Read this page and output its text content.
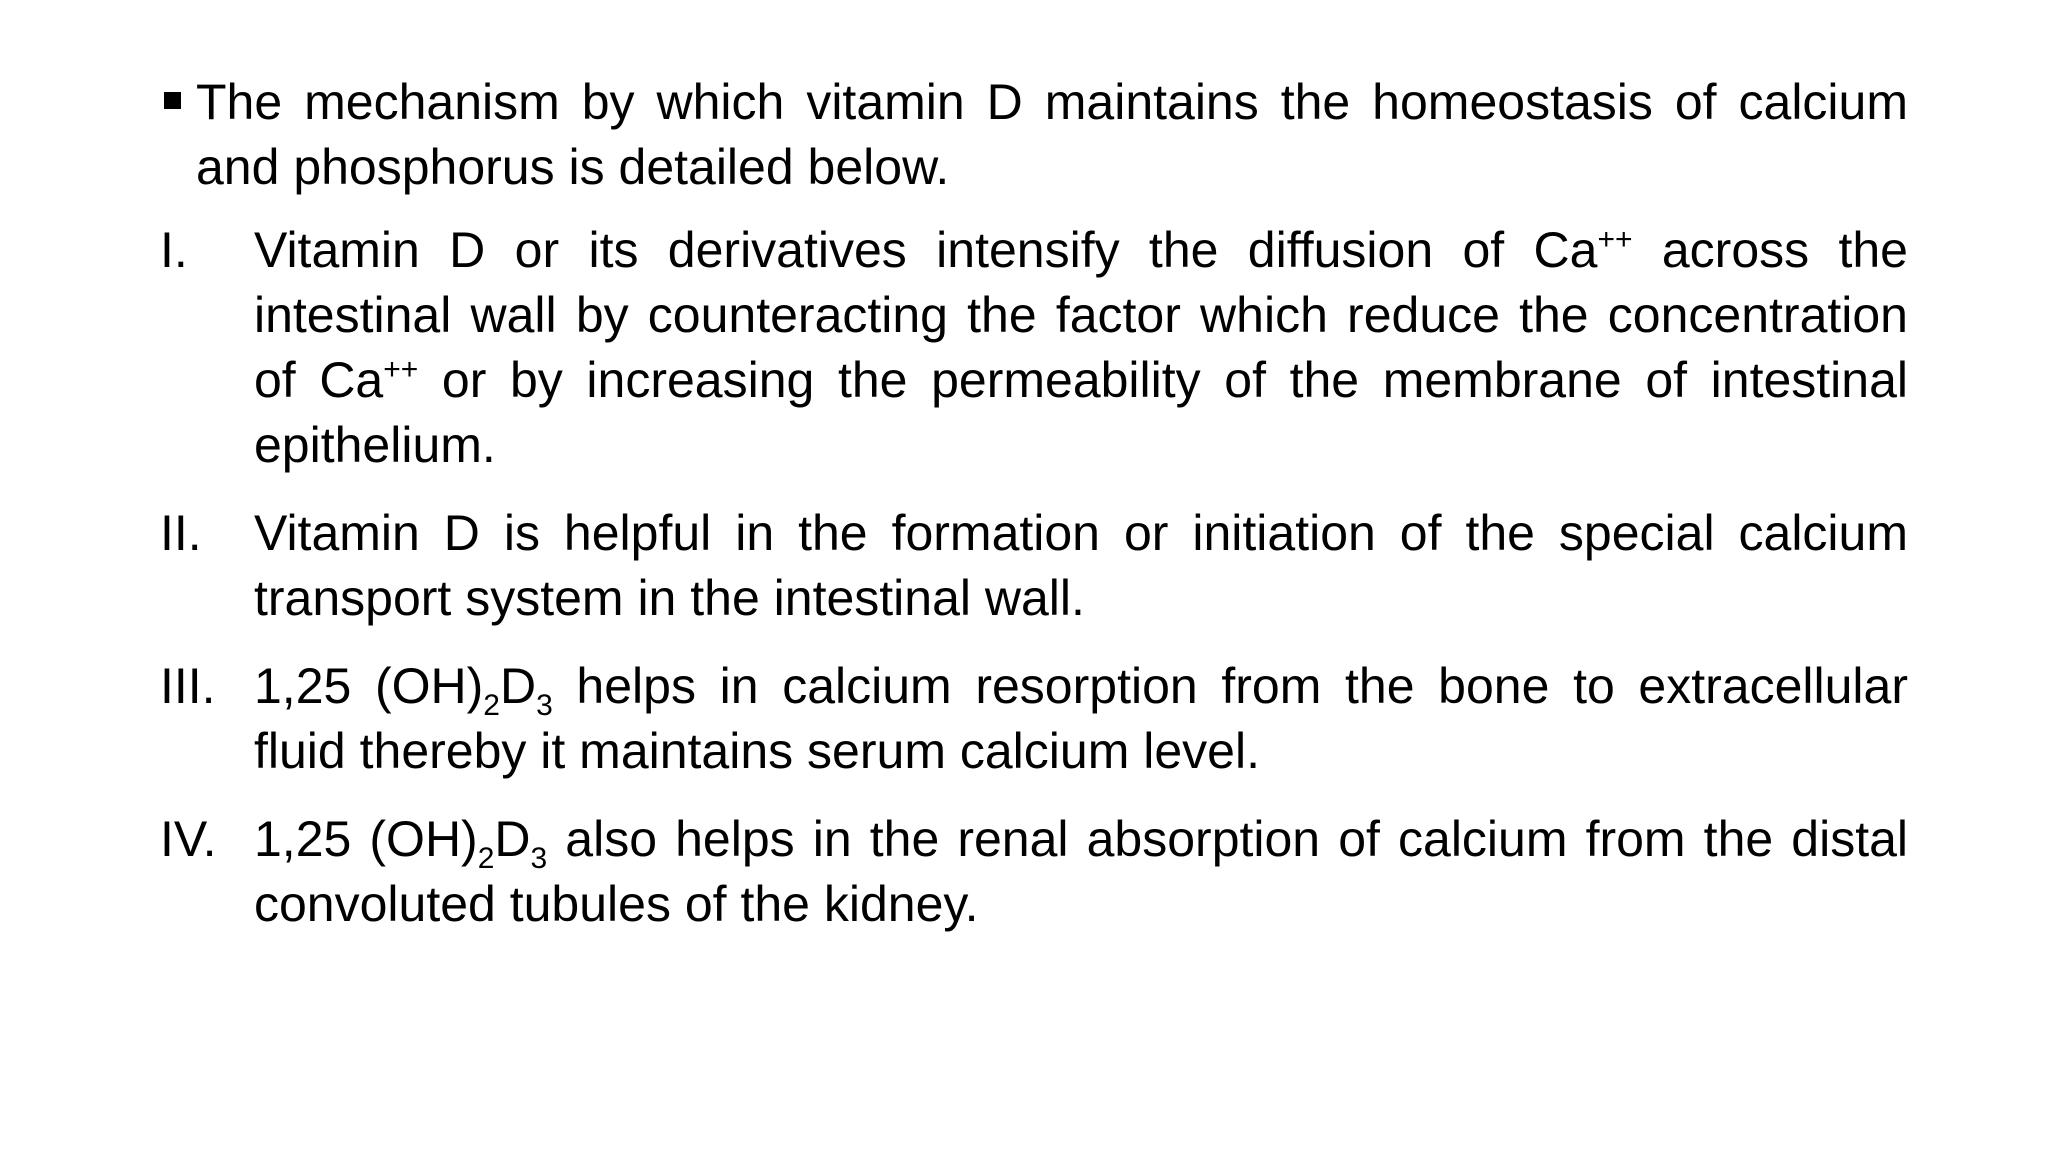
The mechanism by which vitamin D maintains the homeostasis of calcium and phosphorus is detailed below.

I. Vitamin D or its derivatives intensify the diffusion of Ca++ across the intestinal wall by counteracting the factor which reduce the concentration of Ca++ or by increasing the permeability of the membrane of intestinal epithelium.

II. Vitamin D is helpful in the formation or initiation of the special calcium transport system in the intestinal wall.

III. 1,25 $(OH)_2D_3$ helps in calcium resorption from the bone to extracellular fluid thereby it maintains serum calcium level.

IV. 1,25 $(OH)_2D_3$ also helps in the renal absorption of calcium from the distal convoluted tubules of the kidney.
